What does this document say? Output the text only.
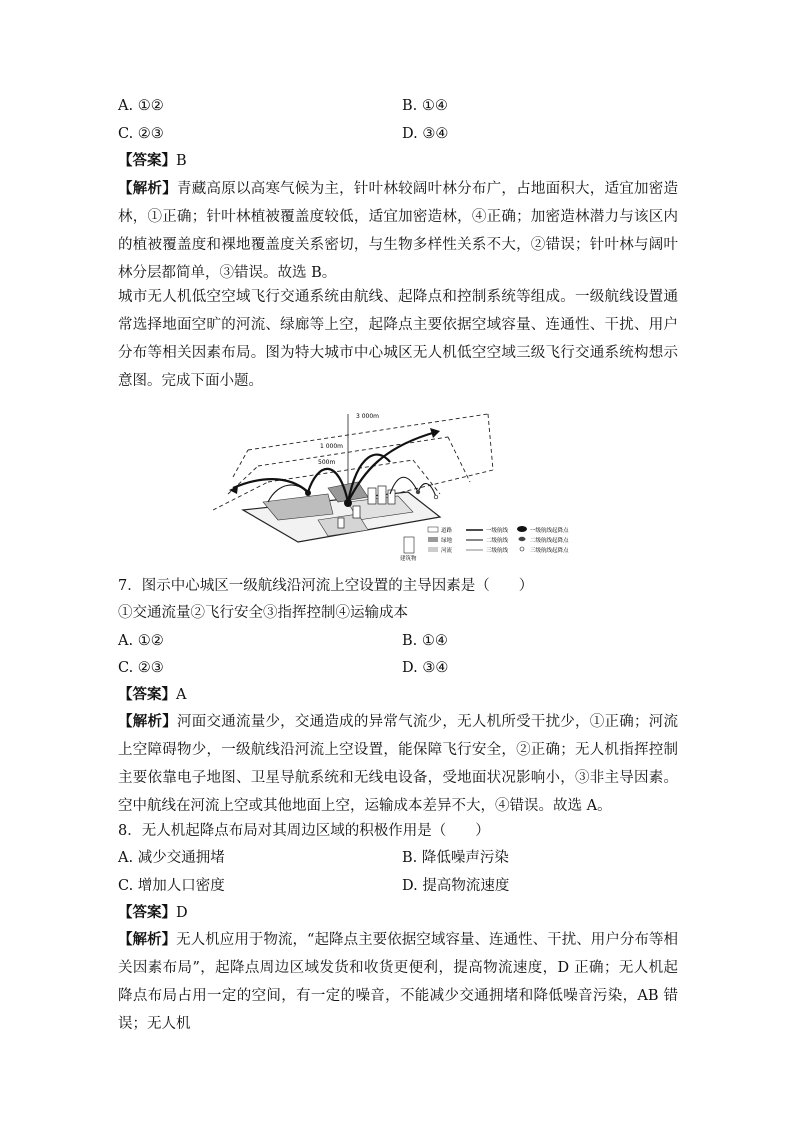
A. ①②	B. ①④
C. ②③	D. ③④
【答案】B

【解析】青藏高原以高寒气候为主，针叶林较阔叶林分布广，占地面积大，适宜加密造林，①正确；针叶林植被覆盖度较低，适宜加密造林，④正确；加密造林潜力与该区内的植被覆盖度和裸地覆盖度关系密切，与生物多样性关系不大，②错误；针叶林与阔叶林分层都简单，③错误。故选 B。

城市无人机低空空域飞行交通系统由航线、起降点和控制系统等组成。一级航线设置通常选择地面空旷的河流、绿廊等上空，起降点主要依据空域容量、连通性、干扰、用户分布等相关因素布局。图为特大城市中心城区无人机低空空域三级飞行交通系统构想示意图。完成下面小题。

3 000m
1 000m
500m
道路
绿地
河流
建筑物
一级航线
二级航线
三级航线
一级航线起降点
二级航线起降点
三级航线起降点
7．图示中心城区一级航线沿河流上空设置的主导因素是（　　）
①交通流量②飞行安全③指挥控制④运输成本
A. ①②	B. ①④
C. ②③	D. ③④
【答案】A

【解析】河面交通流量少，交通造成的异常气流少，无人机所受干扰少，①正确；河流上空障碍物少，一级航线沿河流上空设置，能保障飞行安全，②正确；无人机指挥控制主要依靠电子地图、卫星导航系统和无线电设备，受地面状况影响小，③非主导因素。空中航线在河流上空或其他地面上空，运输成本差异不大，④错误。故选 A。

8．无人机起降点布局对其周边区域的积极作用是（　　）
A. 减少交通拥堵	B. 降低噪声污染
C. 增加人口密度	D. 提高物流速度
【答案】D

【解析】无人机应用于物流，“起降点主要依据空域容量、连通性、干扰、用户分布等相关因素布局”，起降点周边区域发货和收货更便利，提高物流速度，D 正确；无人机起降点布局占用一定的空间，有一定的噪音，不能减少交通拥堵和降低噪音污染，AB 错误；无人机
